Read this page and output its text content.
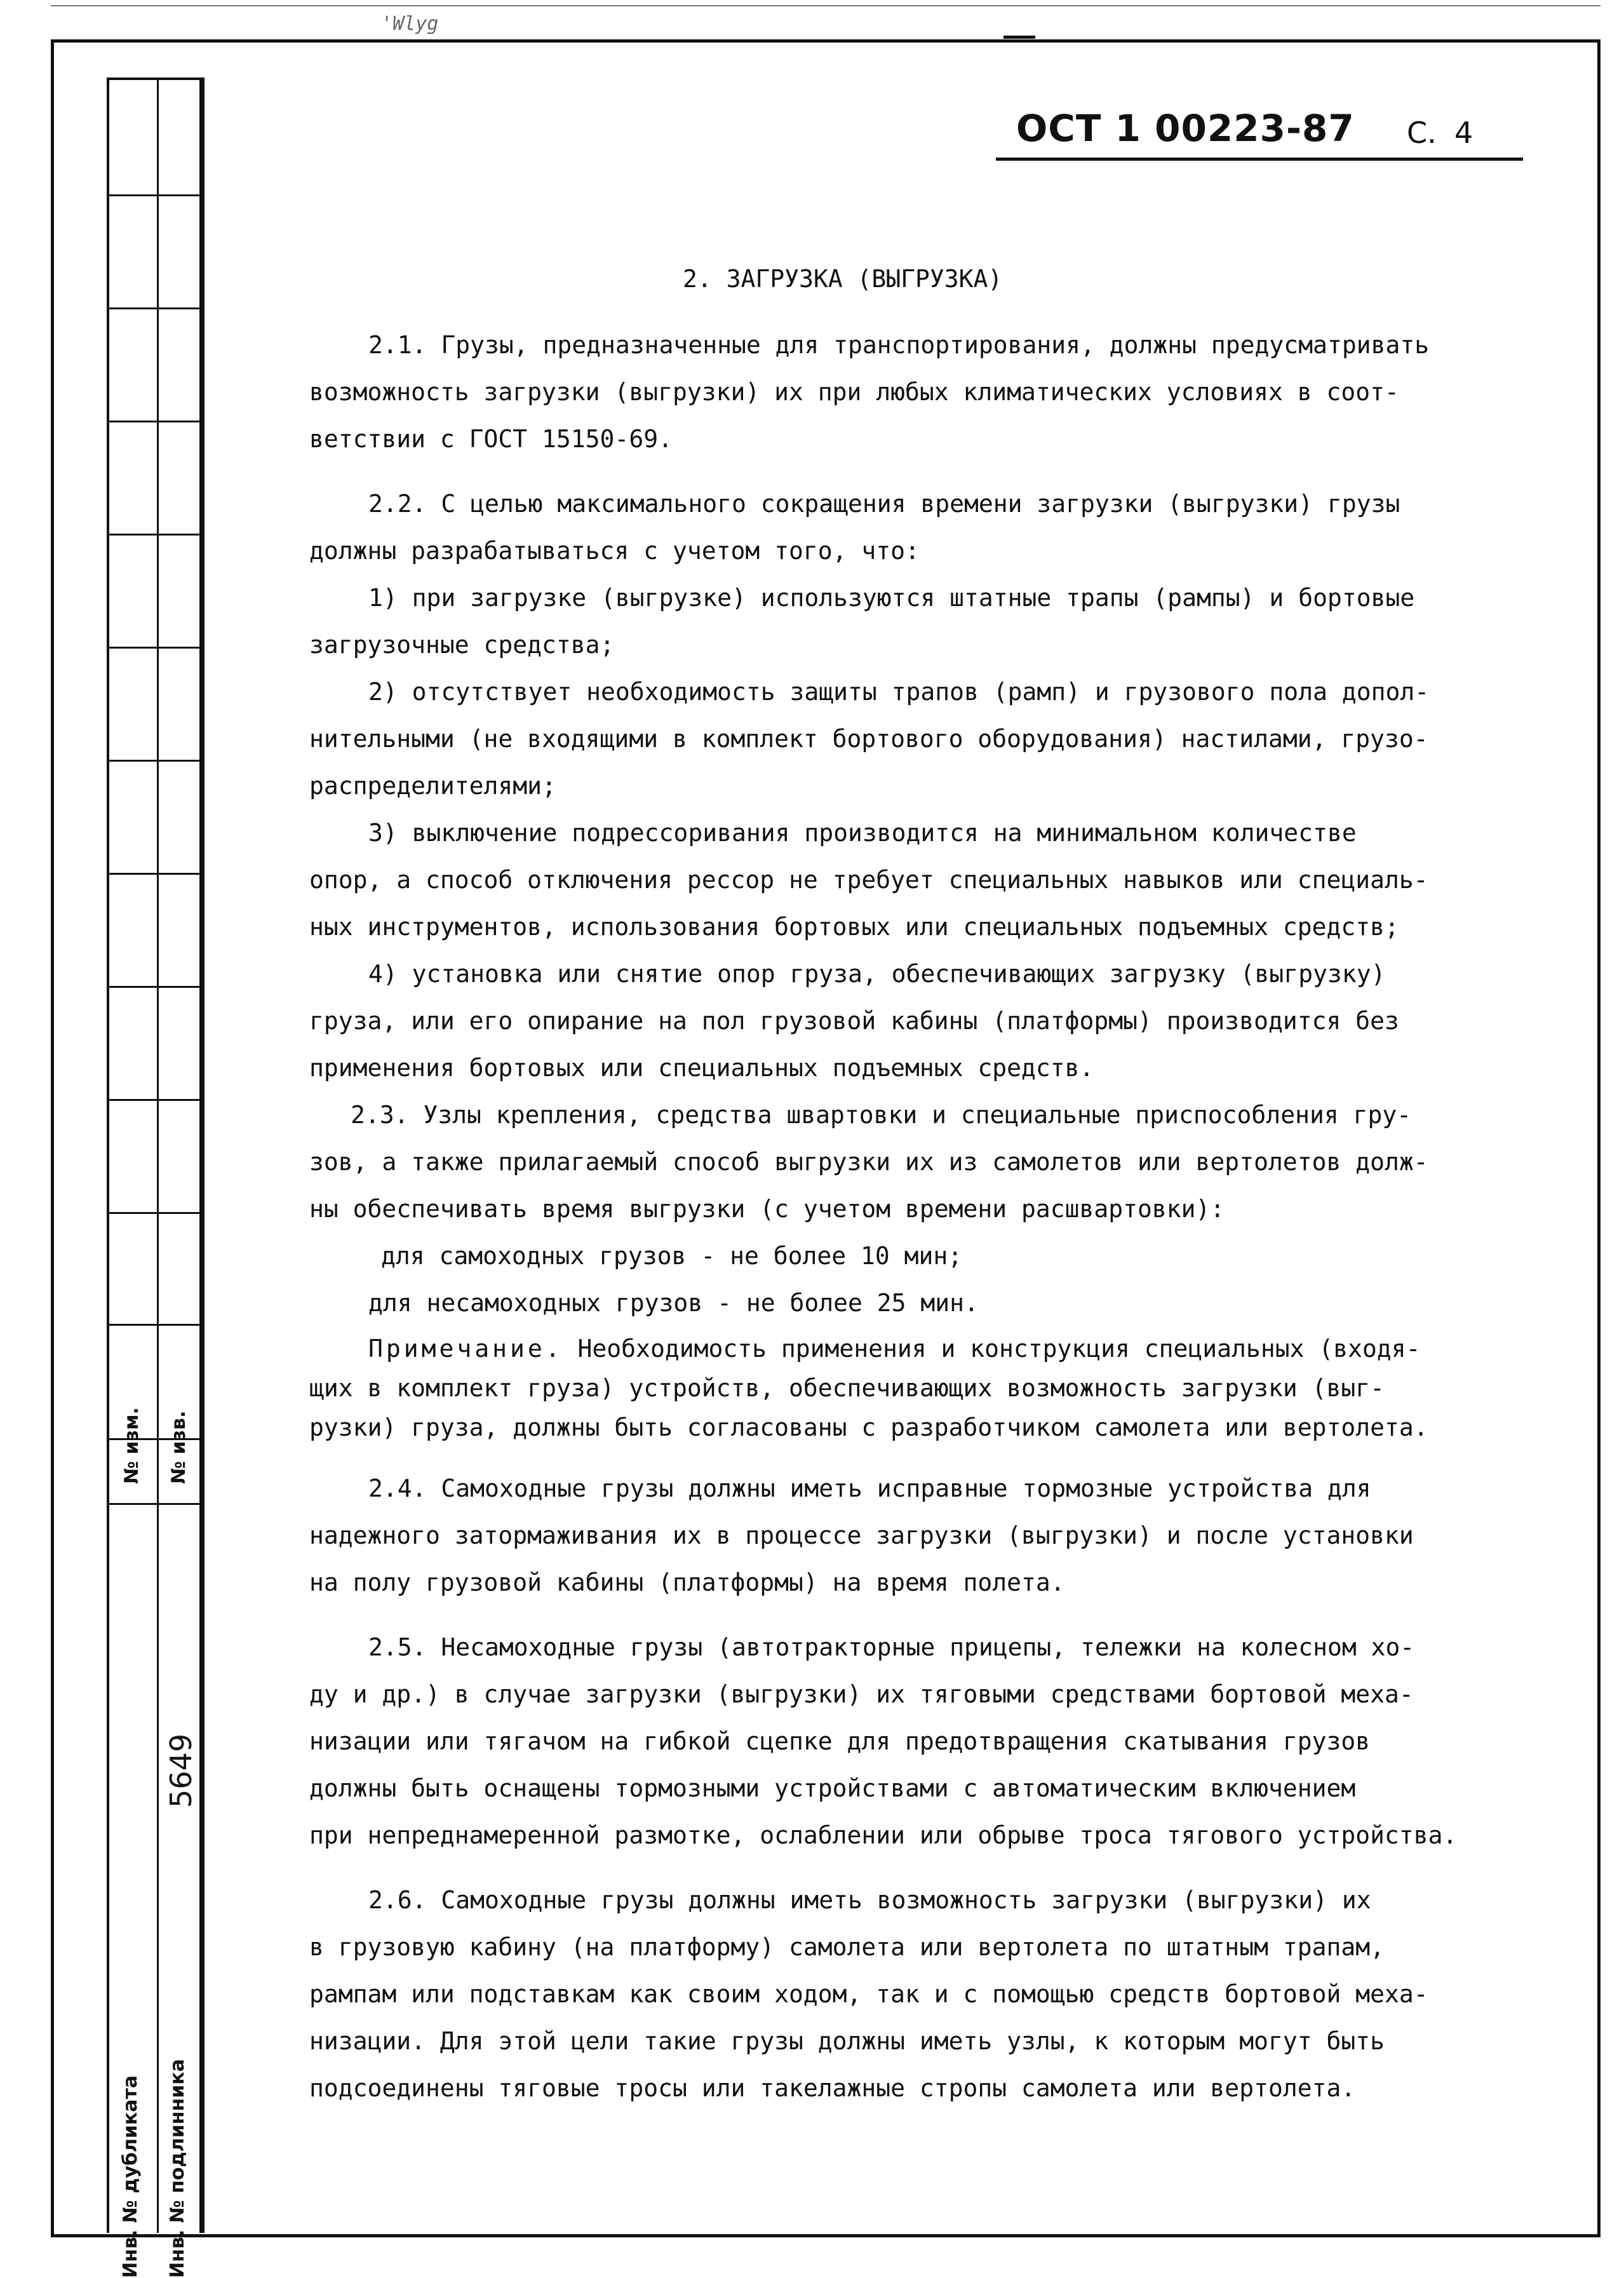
'Wlyg
№ изм. № изв.
5649
Инв. № дубликата Инв. № подлинника
ОСТ 1 00223-87 С. 4
2. ЗАГРУЗКА (ВЫГРУЗКА)
2.1. Грузы, предназначенные для транспортирования, должны предусматривать
возможность загрузки (выгрузки) их при любых климатических условиях в соот-
ветствии с ГОСТ 15150-69.
2.2. С целью максимального сокращения времени загрузки (выгрузки) грузы
должны разрабатываться с учетом того, что:
1) при загрузке (выгрузке) используются штатные трапы (рампы) и бортовые
загрузочные средства;
2) отсутствует необходимость защиты трапов (рамп) и грузового пола допол-
нительными (не входящими в комплект бортового оборудования) настилами, грузо-
распределителями;
3) выключение подрессоривания производится на минимальном количестве
опор, а способ отключения рессор не требует специальных навыков или специаль-
ных инструментов, использования бортовых или специальных подъемных средств;
4) установка или снятие опор груза, обеспечивающих загрузку (выгрузку)
груза, или его опирание на пол грузовой кабины (платформы) производится без
применения бортовых или специальных подъемных средств.
2.3. Узлы крепления, средства швартовки и специальные приспособления гру-
зов, а также прилагаемый способ выгрузки их из самолетов или вертолетов долж-
ны обеспечивать время выгрузки (с учетом времени расшвартовки):
для самоходных грузов - не более 10 мин;
для несамоходных грузов - не более 25 мин.
Примечание. Необходимость применения и конструкция специальных (входя-
щих в комплект груза) устройств, обеспечивающих возможность загрузки (выг-
рузки) груза, должны быть согласованы с разработчиком самолета или вертолета.
2.4. Самоходные грузы должны иметь исправные тормозные устройства для
надежного затормаживания их в процессе загрузки (выгрузки) и после установки
на полу грузовой кабины (платформы) на время полета.
2.5. Несамоходные грузы (автотракторные прицепы, тележки на колесном хо-
ду и др.) в случае загрузки (выгрузки) их тяговыми средствами бортовой меха-
низации или тягачом на гибкой сцепке для предотвращения скатывания грузов
должны быть оснащены тормозными устройствами с автоматическим включением
при непреднамеренной размотке, ослаблении или обрыве троса тягового устройства.
2.6. Самоходные грузы должны иметь возможность загрузки (выгрузки) их
в грузовую кабину (на платформу) самолета или вертолета по штатным трапам,
рампам или подставкам как своим ходом, так и с помощью средств бортовой меха-
низации. Для этой цели такие грузы должны иметь узлы, к которым могут быть
подсоединены тяговые тросы или такелажные стропы самолета или вертолета.
